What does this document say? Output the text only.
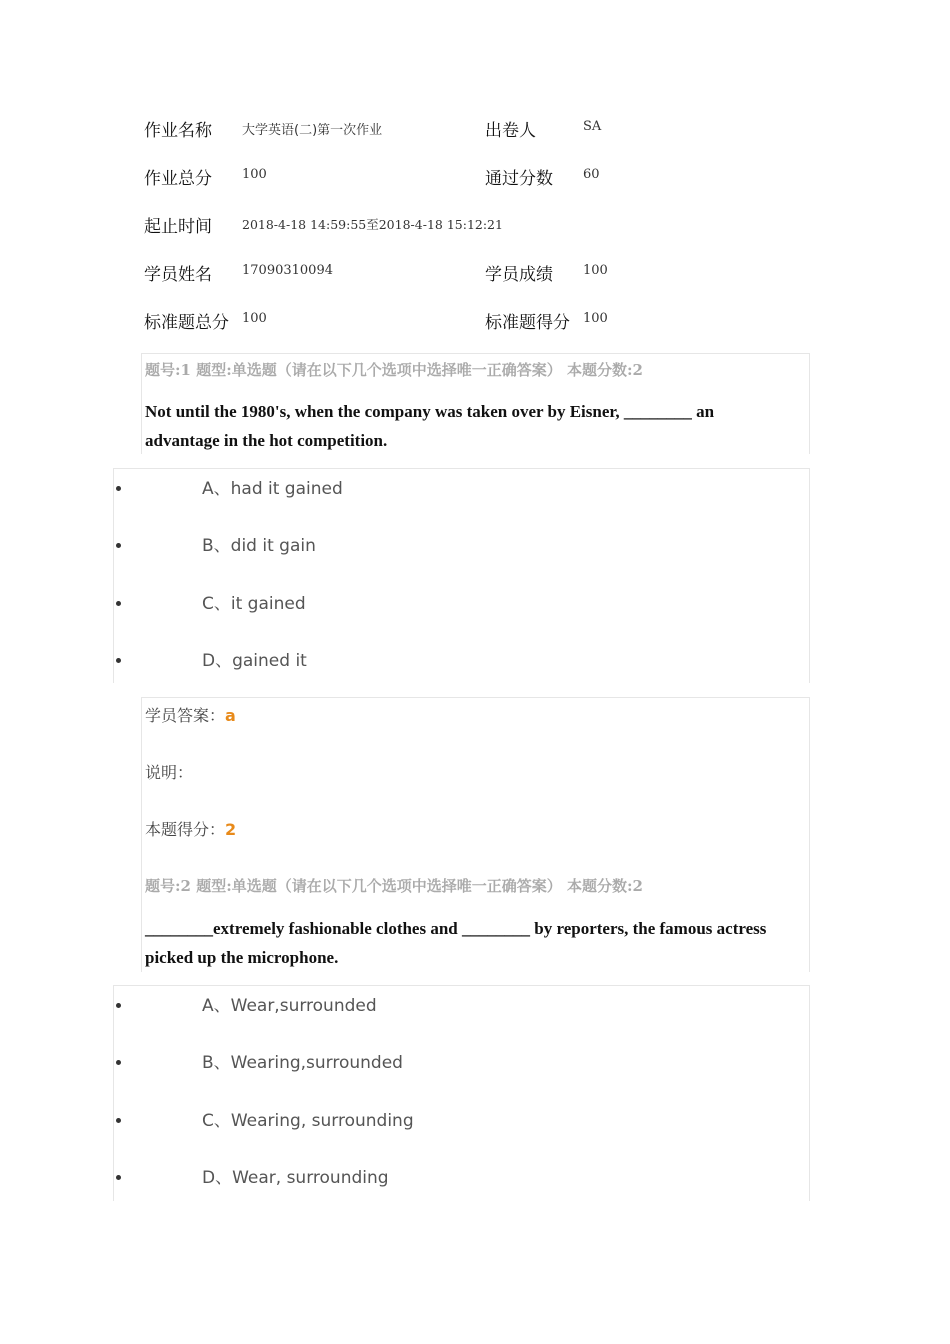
作业名称 大学英语(二)第一次作业	出卷人	SA
作业总分 100	通过分数 60
起止时间 2018-4-18 14:59:55至2018-4-18 15:12:21
学员姓名 17090310094	学员成绩 100
标准题总分 100	标准题得分 100
题号:1 题型:单选题（请在以下几个选项中选择唯一正确答案） 本题分数:2
Not until the 1980's, when the company was taken over by Eisner, ________ an advantage in the hot competition.
A、had it gained
B、did it gain
C、it gained
D、gained it
学员答案：a
说明：
本题得分：2
题号:2 题型:单选题（请在以下几个选项中选择唯一正确答案） 本题分数:2
________extremely fashionable clothes and ________ by reporters, the famous actress picked up the microphone.
A、Wear,surrounded
B、Wearing,surrounded
C、Wearing, surrounding
D、Wear, surrounding
